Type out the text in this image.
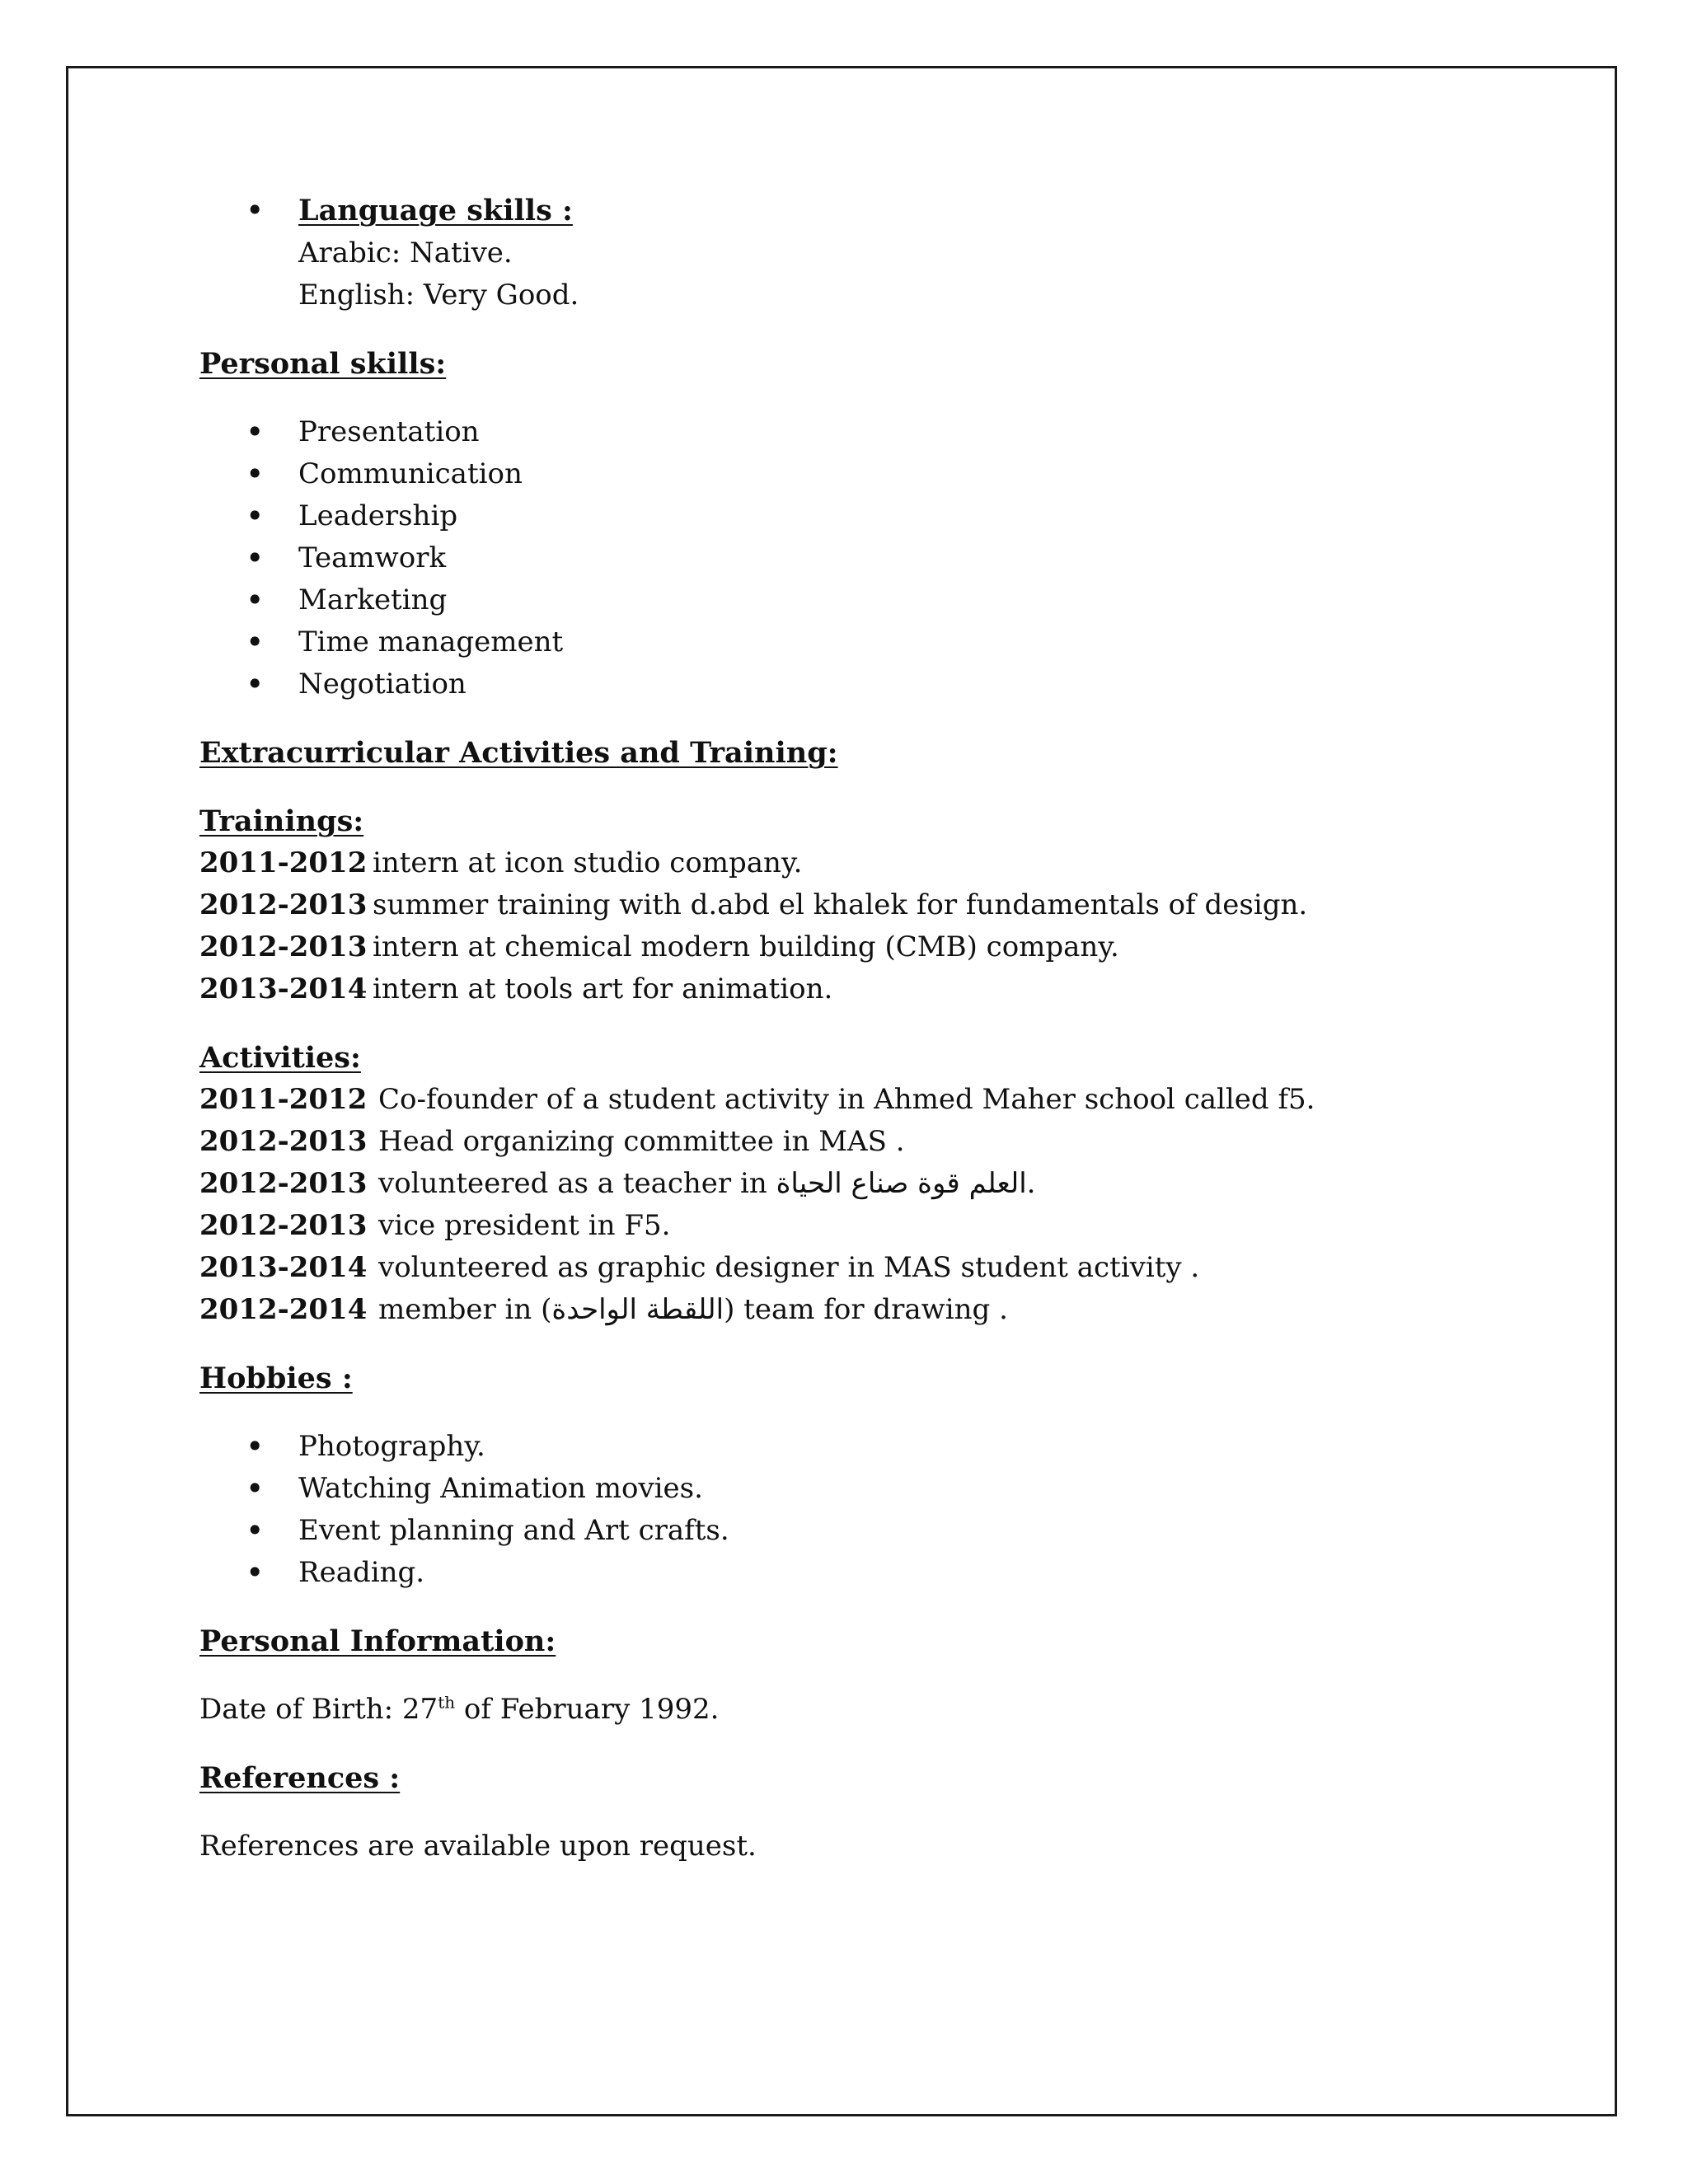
• Language skills :
Arabic: Native.
English: Very Good.
Personal skills:
• Presentation
• Communication
• Leadership
• Teamwork
• Marketing
• Time management
• Negotiation
Extracurricular Activities and Training:
Trainings:
2011-2012 intern at icon studio company.
2012-2013 summer training with d.abd el khalek for fundamentals of design.
2012-2013 intern at chemical modern building (CMB) company.
2013-2014 intern at tools art for animation.
Activities:
2011-2012 Co-founder of a student activity in Ahmed Maher school called f5.
2012-2013 Head organizing committee in MAS .
2012-2013 volunteered as a teacher in العلم قوة صناع الحياة.
2012-2013 vice president in F5.
2013-2014 volunteered as graphic designer in MAS student activity .
2012-2014 member in (اللقطة الواحدة) team for drawing .
Hobbies :
• Photography.
• Watching Animation movies.
• Event planning and Art crafts.
• Reading.
Personal Information:
Date of Birth: 27th of February 1992.
References :
References are available upon request.
